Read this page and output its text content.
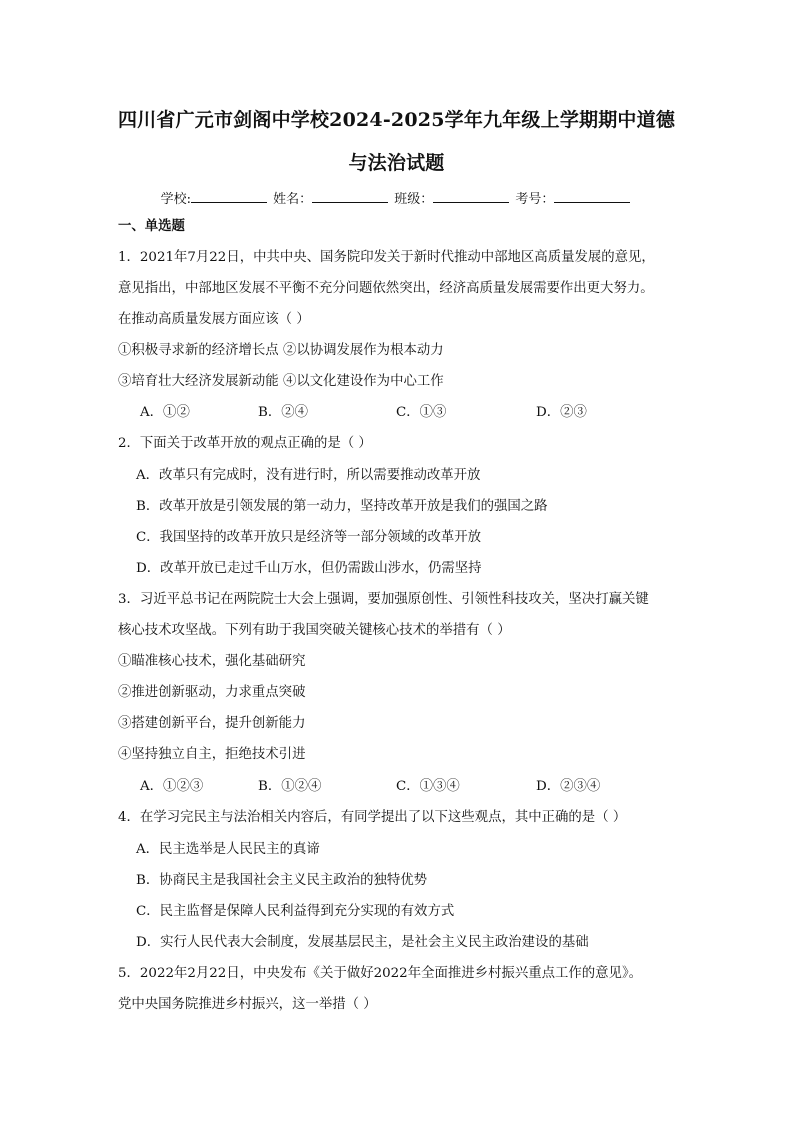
四川省广元市剑阁中学校2024-2025学年九年级上学期期中道德
与法治试题
学校:	姓名：	班级：	考号：
一、单选题
1．2021年7月22日，中共中央、国务院印发关于新时代推动中部地区高质量发展的意见，
意见指出，中部地区发展不平衡不充分问题依然突出，经济高质量发展需要作出更大努力。
在推动高质量发展方面应该（ ）
①积极寻求新的经济增长点 ②以协调发展作为根本动力
③培育壮大经济发展新动能 ④以文化建设作为中心工作
A．①②	B．②④	C．①③	D．②③
2．下面关于改革开放的观点正确的是（ ）
A．改革只有完成时，没有进行时，所以需要推动改革开放
B．改革开放是引领发展的第一动力，坚持改革开放是我们的强国之路
C．我国坚持的改革开放只是经济等一部分领域的改革开放
D．改革开放已走过千山万水，但仍需跋山涉水，仍需坚持
3．习近平总书记在两院院士大会上强调，要加强原创性、引领性科技攻关，坚决打赢关键
核心技术攻坚战。下列有助于我国突破关键核心技术的举措有（ ）
①瞄准核心技术，强化基础研究
②推进创新驱动，力求重点突破
③搭建创新平台，提升创新能力
④坚持独立自主，拒绝技术引进
A．①②③	B．①②④	C．①③④	D．②③④
4．在学习完民主与法治相关内容后，有同学提出了以下这些观点，其中正确的是（ ）
A．民主选举是人民民主的真谛
B．协商民主是我国社会主义民主政治的独特优势
C．民主监督是保障人民利益得到充分实现的有效方式
D．实行人民代表大会制度，发展基层民主，是社会主义民主政治建设的基础
5．2022年2月22日，中央发布《关于做好2022年全面推进乡村振兴重点工作的意见》。
党中央国务院推进乡村振兴，这一举措（ ）
